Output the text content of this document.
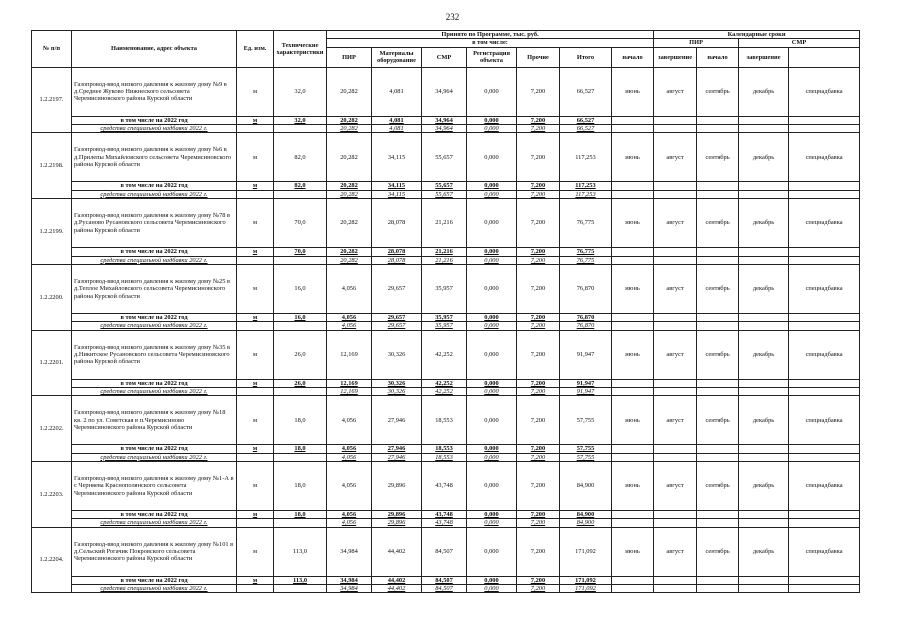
232
№ п/п	Наименование, адрес объекта	Ед. изм.	Технические характеристики	Принято по Программе, тыс. руб.							Календарные сроки	
				в том числе:							ПИР		СМР		
				ПИР	Материалы оборудование	СМР	Регистрация объекта	Прочие	Итого	начало	завершение	начало	завершение		
1.2.2197.	Газопровод-ввод низкого давления к жилому дому №9 в д.Среднее Жуково Нижнеского сельсовета Черемисиновского района Курской области	м	32,0	20,282	4,081	34,964	0,000	7,200	66,527	июнь	август	сентябрь	декабрь	спецнадбавка	
	в том числе на 2022 год	м	32,0	20,282	4,081	34,964	0,000	7,200	66,527						
	средства специальной надбавки 2022 г.			20,282	4,081	34,964	0,000	7,200	66,527						
1.2.2198.	Газопровод-ввод низкого давления к жилому дому №6 в д.Прилепы Михайловского сельсовета Черемисиновского района Курской области	м	82,0	20,282	34,115	55,657	0,000	7,200	117,253	июнь	август	сентябрь	декабрь	спецнадбавка	
	в том числе на 2022 год	м	82,0	20,282	34,115	55,657	0,000	7,200	117,253						
	средства специальной надбавки 2022 г.			20,282	34,115	55,657	0,000	7,200	117,253						
1.2.2199.	Газопровод-ввод низкого давления к жилому дому №78 в д.Русаново Русановского сельсовета Черемисиновского района Курской области	м	70,0	20,282	28,078	21,216	0,000	7,200	76,775	июнь	август	сентябрь	декабрь	спецнадбавка	
	в том числе на 2022 год	м	70,0	20,282	28,078	21,216	0,000	7,200	76,775						
	средства специальной надбавки 2022 г.			20,282	28,078	21,216	0,000	7,200	76,775						
1.2.2200.	Газопровод-ввод низкого давления к жилому дому №25 в д.Теплое Михайловского сельсовета Черемисиновского района Курской области	м	16,0	4,056	29,657	35,957	0,000	7,200	76,870	июнь	август	сентябрь	декабрь	спецнадбавка	
	в том числе на 2022 год	м	16,0	4,056	29,657	35,957	0,000	7,200	76,870						
	средства специальной надбавки 2022 г.			4,056	29,657	35,957	0,000	7,200	76,870						
1.2.2201.	Газопровод-ввод низкого давления к жилому дому №35 в д.Никитское Русановского сельсовета Черемисиновского района Курской области	м	26,0	12,169	30,326	42,252	0,000	7,200	91,947	июнь	август	сентябрь	декабрь	спецнадбавка	
	в том числе на 2022 год	м	26,0	12,169	30,326	42,252	0,000	7,200	91,947						
	средства специальной надбавки 2022 г.			12,169	30,326	42,252	0,000	7,200	91,947						
1.2.2202.	Газопровод-ввод низкого давления к жилому дому №18 кв. 2 по ул. Советская в п.Черемисиново Черемисиновского района Курской области	м	18,0	4,056	27,946	18,553	0,000	7,200	57,755	июнь	август	сентябрь	декабрь	спецнадбавка	
	в том числе на 2022 год	м	18,0	4,056	27,946	18,553	0,000	7,200	57,755						
	средства специальной надбавки 2022 г.			4,056	27,946	18,553	0,000	7,200	57,755						
1.2.2203.	Газопровод-ввод низкого давления к жилому дому №1-А в с Черняева Краснополянского сельсовета Черемисиновского района Курской области	м	18,0	4,056	29,896	43,748	0,000	7,200	84,900	июнь	август	сентябрь	декабрь	спецнадбавка	
	в том числе на 2022 год	м	18,0	4,056	29,896	43,748	0,000	7,200	84,900						
	средства специальной надбавки 2022 г.			4,056	29,896	43,748	0,000	7,200	84,900						
1.2.2204.	Газопровод-ввод низкого давления к жилому дому №101 в д.Сельский Рогачик Покровского сельсовета Черемисиновского района Курской области	м	113,0	34,984	44,402	84,507	0,000	7,200	171,092	июнь	август	сентябрь	декабрь	спецнадбавка	
	в том числе на 2022 год	м	113,0	34,984	44,402	84,507	0,000	7,200	171,092						
	средства специальной надбавки 2022 г.			34,984	44,402	84,507	0,000	7,200	171,092						
